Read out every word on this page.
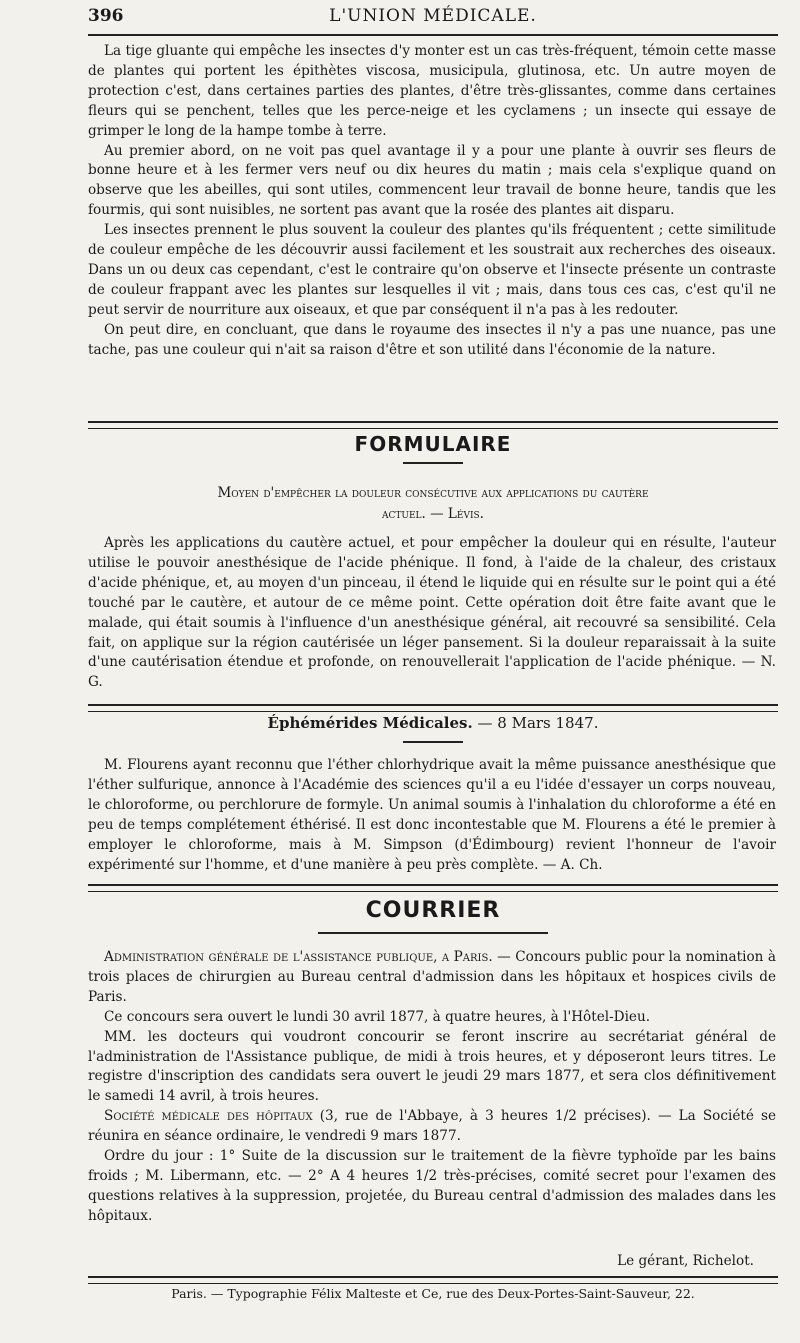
396	L'UNION MÉDICALE.

La tige gluante qui empêche les insectes d'y monter est un cas très-fréquent, témoin cette masse de plantes qui portent les épithètes viscosa, musicipula, glutinosa, etc. Un autre moyen de protection c'est, dans certaines parties des plantes, d'être très-glissantes, comme dans certaines fleurs qui se penchent, telles que les perce-neige et les cyclamens ; un insecte qui essaye de grimper le long de la hampe tombe à terre.

Au premier abord, on ne voit pas quel avantage il y a pour une plante à ouvrir ses fleurs de bonne heure et à les fermer vers neuf ou dix heures du matin ; mais cela s'explique quand on observe que les abeilles, qui sont utiles, commencent leur travail de bonne heure, tandis que les fourmis, qui sont nuisibles, ne sortent pas avant que la rosée des plantes ait disparu.

Les insectes prennent le plus souvent la couleur des plantes qu'ils fréquentent ; cette similitude de couleur empêche de les découvrir aussi facilement et les soustrait aux recherches des oiseaux. Dans un ou deux cas cependant, c'est le contraire qu'on observe et l'insecte présente un contraste de couleur frappant avec les plantes sur lesquelles il vit ; mais, dans tous ces cas, c'est qu'il ne peut servir de nourriture aux oiseaux, et que par conséquent il n'a pas à les redouter.

On peut dire, en concluant, que dans le royaume des insectes il n'y a pas une nuance, pas une tache, pas une couleur qui n'ait sa raison d'être et son utilité dans l'économie de la nature.

FORMULAIRE
Moyen d'empêcher la douleur consécutive aux applications du cautère
actuel. — Lévis.

Après les applications du cautère actuel, et pour empêcher la douleur qui en résulte, l'auteur utilise le pouvoir anesthésique de l'acide phénique. Il fond, à l'aide de la chaleur, des cristaux d'acide phénique, et, au moyen d'un pinceau, il étend le liquide qui en résulte sur le point qui a été touché par le cautère, et autour de ce même point. Cette opération doit être faite avant que le malade, qui était soumis à l'influence d'un anesthésique général, ait recouvré sa sensibilité. Cela fait, on applique sur la région cautérisée un léger pansement. Si la douleur reparaissait à la suite d'une cautérisation étendue et profonde, on renouvellerait l'application de l'acide phénique. — N. G.

Éphémérides Médicales. — 8 Mars 1847.

M. Flourens ayant reconnu que l'éther chlorhydrique avait la même puissance anesthésique que l'éther sulfurique, annonce à l'Académie des sciences qu'il a eu l'idée d'essayer un corps nouveau, le chloroforme, ou perchlorure de formyle. Un animal soumis à l'inhalation du chloroforme a été en peu de temps complétement éthérisé. Il est donc incontestable que M. Flourens a été le premier à employer le chloroforme, mais à M. Simpson (d'Édimbourg) revient l'honneur de l'avoir expérimenté sur l'homme, et d'une manière à peu près complète. — A. Ch.

COURRIER

Administration générale de l'assistance publique, a Paris. — Concours public pour la nomination à trois places de chirurgien au Bureau central d'admission dans les hôpitaux et hospices civils de Paris.

Ce concours sera ouvert le lundi 30 avril 1877, à quatre heures, à l'Hôtel-Dieu.

MM. les docteurs qui voudront concourir se feront inscrire au secrétariat général de l'administration de l'Assistance publique, de midi à trois heures, et y déposeront leurs titres. Le registre d'inscription des candidats sera ouvert le jeudi 29 mars 1877, et sera clos définitivement le samedi 14 avril, à trois heures.

Société médicale des hôpitaux (3, rue de l'Abbaye, à 3 heures 1/2 précises). — La Société se réunira en séance ordinaire, le vendredi 9 mars 1877.

Ordre du jour : 1° Suite de la discussion sur le traitement de la fièvre typhoïde par les bains froids ; M. Libermann, etc. — 2° A 4 heures 1/2 très-précises, comité secret pour l'examen des questions relatives à la suppression, projetée, du Bureau central d'admission des malades dans les hôpitaux.

Le gérant, Richelot.
Paris. — Typographie Félix Malteste et Ce, rue des Deux-Portes-Saint-Sauveur, 22.
